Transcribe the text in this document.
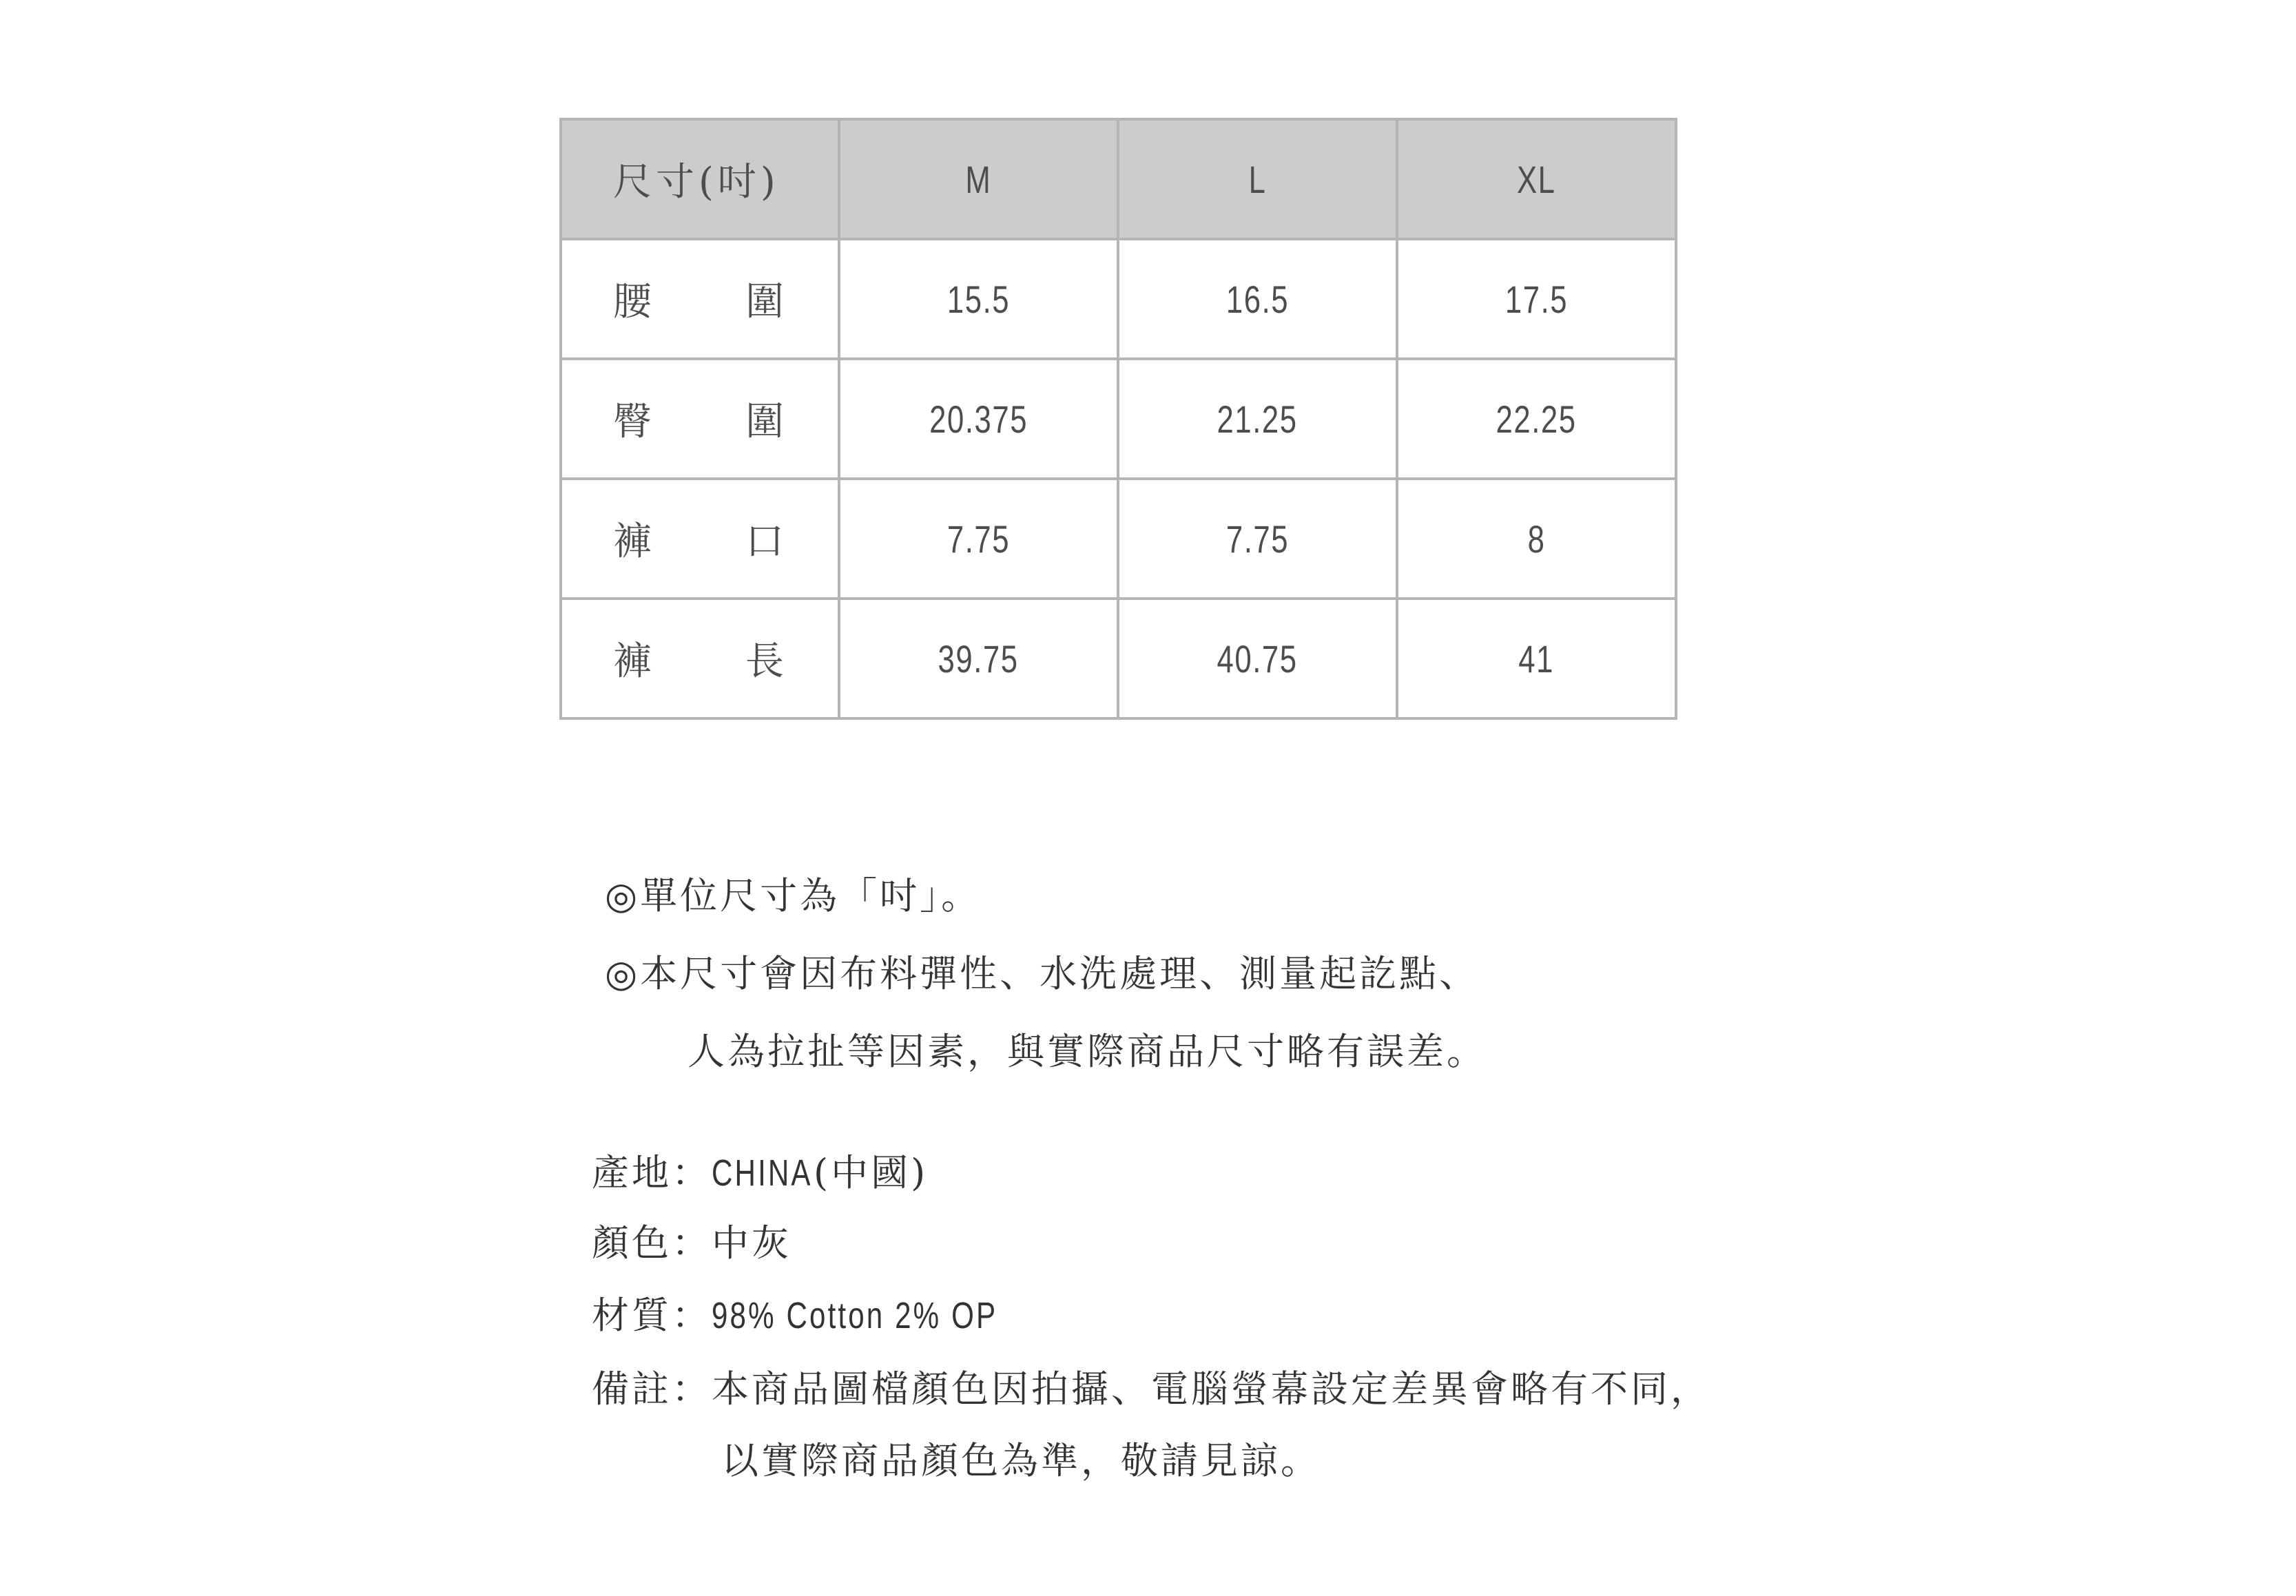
尺寸(吋)	M	L	XL

腰 圍	15.5	16.5	17.5

臀 圍	20.375	21.25	22.25

褲 口	7.75	7.75	8

褲 長	39.75	40.75	41
◎單位尺寸為「吋」。
◎本尺寸會因布料彈性、水洗處理、測量起訖點、
人為拉扯等因素，與實際商品尺寸略有誤差。
產地：CHINA(中國)
顏色：中灰
材質：98% Cotton 2% OP
備註：本商品圖檔顏色因拍攝、電腦螢幕設定差異會略有不同，
以實際商品顏色為準，敬請見諒。
